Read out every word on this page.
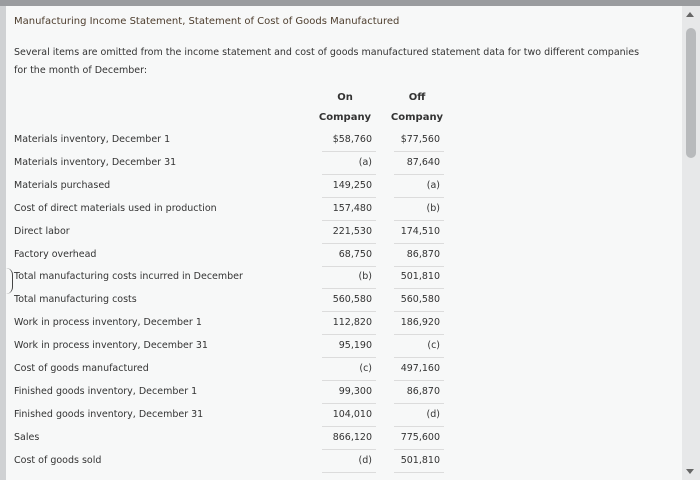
Manufacturing Income Statement, Statement of Cost of Goods Manufactured
Several items are omitted from the income statement and cost of goods manufactured statement data for two different companies for the month of December:
On
Company
Off
Company
Materials inventory, December 1	$58,760	$77,560
Materials inventory, December 31	(a)	87,640
Materials purchased	149,250	(a)
Cost of direct materials used in production	157,480	(b)
Direct labor	221,530	174,510
Factory overhead	68,750	86,870
Total manufacturing costs incurred in December	(b)	501,810
Total manufacturing costs	560,580	560,580
Work in process inventory, December 1	112,820	186,920
Work in process inventory, December 31	95,190	(c)
Cost of goods manufactured	(c)	497,160
Finished goods inventory, December 1	99,300	86,870
Finished goods inventory, December 31	104,010	(d)
Sales	866,120	775,600
Cost of goods sold	(d)	501,810
